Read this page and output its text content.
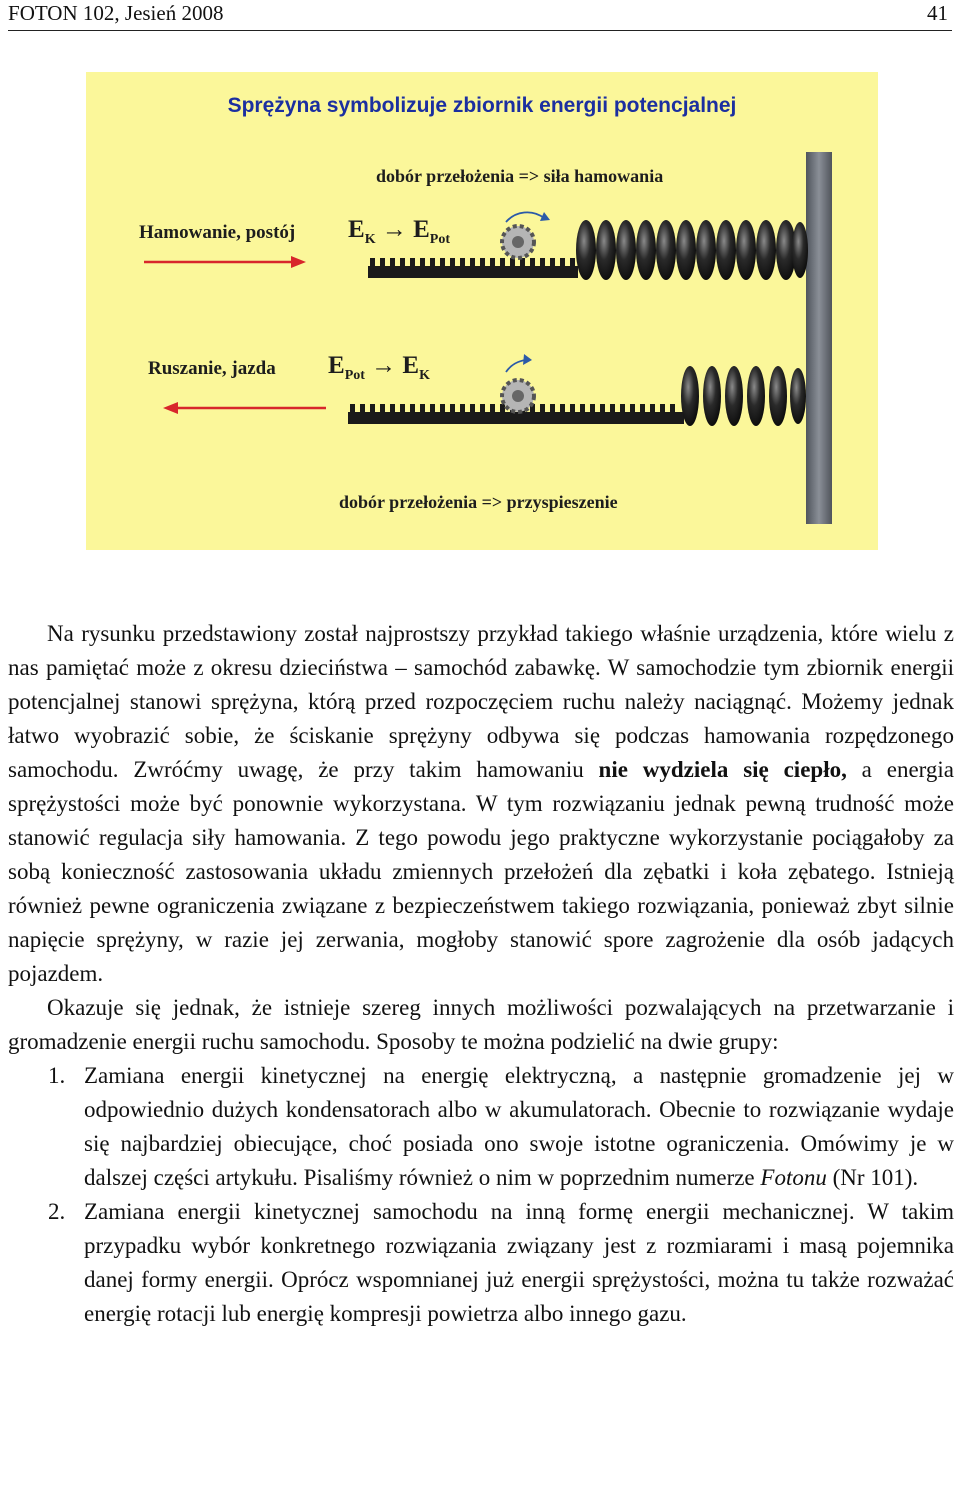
FOTON 102, Jesień 2008	41
Sprężyna symbolizuje zbiornik energii potencjalnej
dobór przełożenia => siła hamowania
Hamowanie, postój $E_K \to E_{Pot}$
Ruszanie, jazda $E_{Pot} \to E_K$
dobór przełożenia => przyspieszenie

Na rysunku przedstawiony został najprostszy przykład takiego właśnie urządzenia, które wielu z nas pamiętać może z okresu dzieciństwa – samochód zabawkę. W samochodzie tym zbiornik energii potencjalnej stanowi sprężyna, którą przed rozpoczęciem ruchu należy naciągnąć. Możemy jednak łatwo wyobrazić sobie, że ściskanie sprężyny odbywa się podczas hamowania rozpędzonego samochodu. Zwróćmy uwagę, że przy takim hamowaniu nie wydziela się ciepło, a energia sprężystości może być ponownie wykorzystana. W tym rozwiązaniu jednak pewną trudność może stanowić regulacja siły hamowania. Z tego powodu jego praktyczne wykorzystanie pociągałoby za sobą konieczność zastosowania układu zmiennych przełożeń dla zębatki i koła zębatego. Istnieją również pewne ograniczenia związane z bezpieczeństwem takiego rozwiązania, ponieważ zbyt silnie napięcie sprężyny, w razie jej zerwania, mogłoby stanowić spore zagrożenie dla osób jadących pojazdem.

Okazuje się jednak, że istnieje szereg innych możliwości pozwalających na przetwarzanie i gromadzenie energii ruchu samochodu. Sposoby te można podzielić na dwie grupy:

1. Zamiana energii kinetycznej na energię elektryczną, a następnie gromadzenie jej w odpowiednio dużych kondensatorach albo w akumulatorach. Obecnie to rozwiązanie wydaje się najbardziej obiecujące, choć posiada ono swoje istotne ograniczenia. Omówimy je w dalszej części artykułu. Pisaliśmy również o nim w poprzednim numerze Fotonu (Nr 101).
2. Zamiana energii kinetycznej samochodu na inną formę energii mechanicznej. W takim przypadku wybór konkretnego rozwiązania związany jest z rozmiarami i masą pojemnika danej formy energii. Oprócz wspomnianej już energii sprężystości, można tu także rozważać energię rotacji lub energię kompresji powietrza albo innego gazu.
